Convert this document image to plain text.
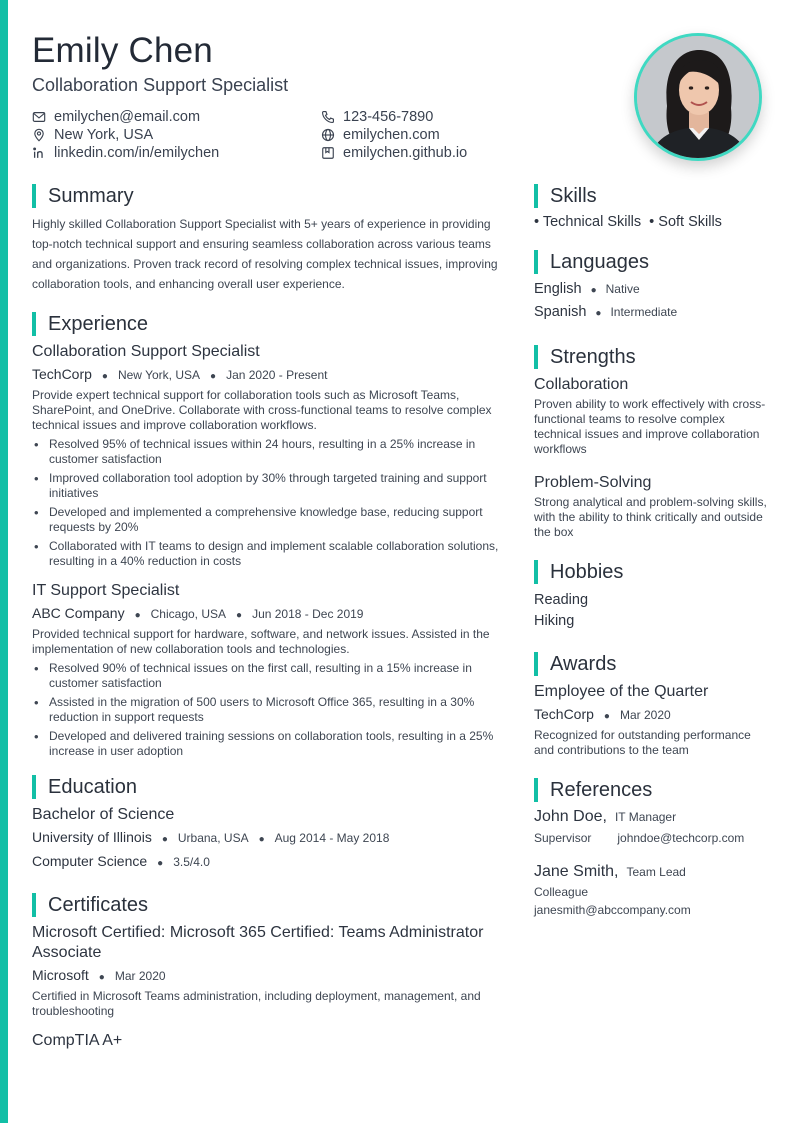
Emily Chen
Collaboration Support Specialist
emilychen@email.com	123-456-7890
New York, USA	emilychen.com
linkedin.com/in/emilychen	emilychen.github.io
Summary

Highly skilled Collaboration Support Specialist with 5+ years of experience in providing top-notch technical support and ensuring seamless collaboration across various teams and organizations. Proven track record of resolving complex technical issues, improving collaboration tools, and enhancing overall user experience.

Experience
Collaboration Support Specialist
TechCorp ● New York, USA ● Jan 2020 - Present

Provide expert technical support for collaboration tools such as Microsoft Teams, SharePoint, and OneDrive. Collaborate with cross-functional teams to resolve complex technical issues and improve collaboration workflows.

• Resolved 95% of technical issues within 24 hours, resulting in a 25% increase in customer satisfaction
• Improved collaboration tool adoption by 30% through targeted training and support initiatives
• Developed and implemented a comprehensive knowledge base, reducing support requests by 20%
• Collaborated with IT teams to design and implement scalable collaboration solutions, resulting in a 40% reduction in costs
IT Support Specialist
ABC Company ● Chicago, USA ● Jun 2018 - Dec 2019

Provided technical support for hardware, software, and network issues. Assisted in the implementation of new collaboration tools and technologies.

• Resolved 90% of technical issues on the first call, resulting in a 15% increase in customer satisfaction
• Assisted in the migration of 500 users to Microsoft Office 365, resulting in a 30% reduction in support requests
• Developed and delivered training sessions on collaboration tools, resulting in a 25% increase in user adoption
Education
Bachelor of Science
University of Illinois ● Urbana, USA ● Aug 2014 - May 2018
Computer Science ● 3.5/4.0
Certificates
Microsoft Certified: Microsoft 365 Certified: Teams Administrator Associate
Microsoft ● Mar 2020

Certified in Microsoft Teams administration, including deployment, management, and troubleshooting

CompTIA A+
Skills
• Technical Skills • Soft Skills
Languages
English ● Native
Spanish ● Intermediate
Strengths
Collaboration

Proven ability to work effectively with cross-functional teams to resolve complex technical issues and improve collaboration workflows

Problem-Solving

Strong analytical and problem-solving skills, with the ability to think critically and outside the box

Hobbies
Reading
Hiking
Awards
Employee of the Quarter
TechCorp ● Mar 2020

Recognized for outstanding performance and contributions to the team

References
John Doe, IT Manager
Supervisor johndoe@techcorp.com
Jane Smith, Team Lead
Colleague
janesmith@abccompany.com
